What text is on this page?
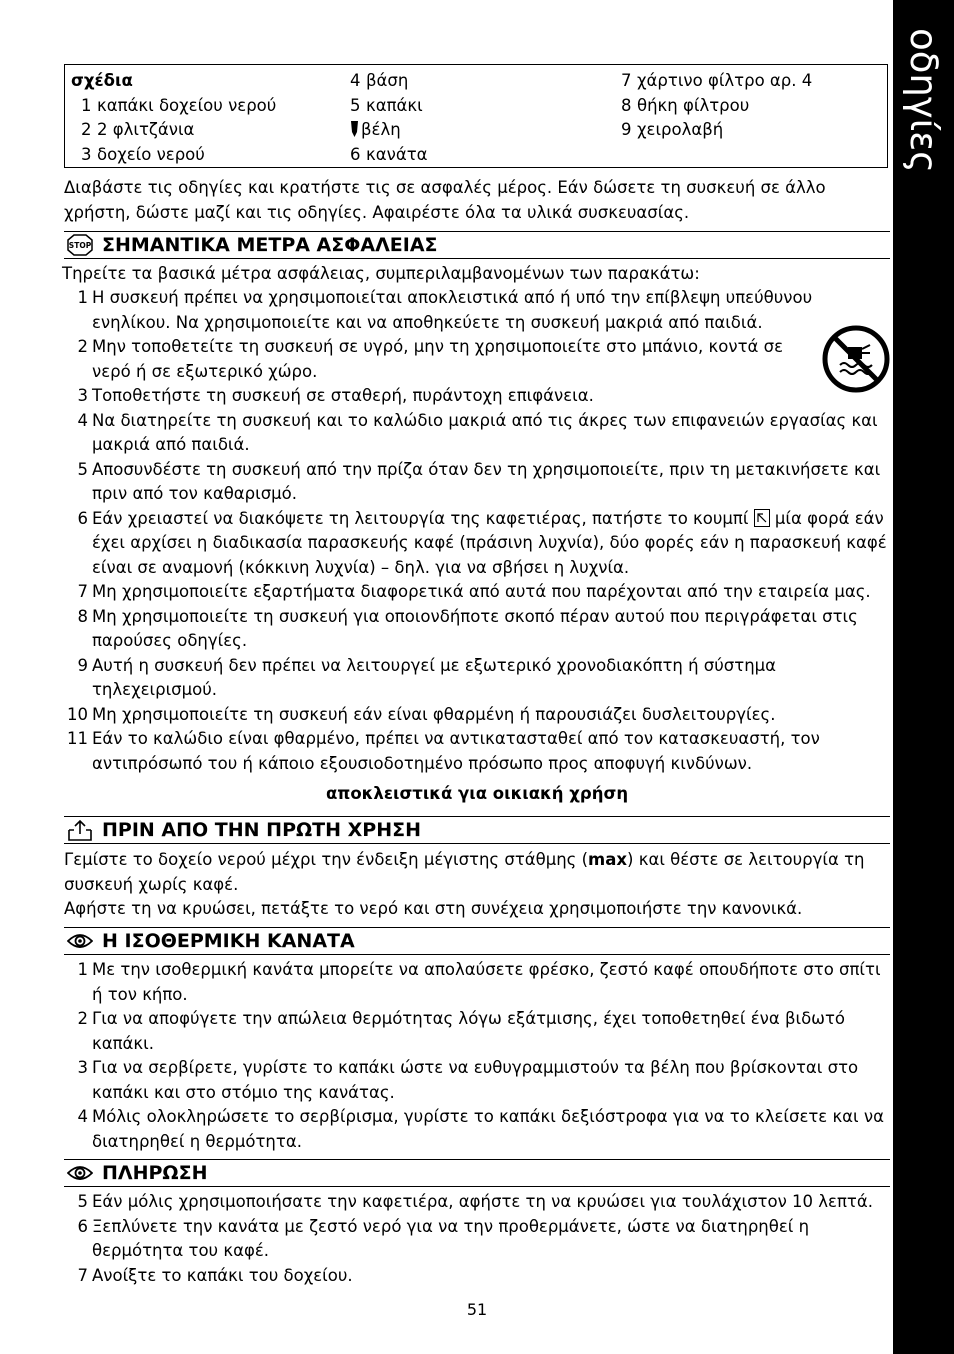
οδηγίες
σχέδια
1 καπάκι δοχείου νερού
2 2 φλιτζάνια
3 δοχείο νερού
4 βάση
5 καπάκι
βέλη
6 κανάτα
7 χάρτινο φίλτρο αρ. 4
8 θήκη φίλτρου
9 χειρολαβή

Διαβάστε τις οδηγίες και κρατήστε τις σε ασφαλές μέρος. Εάν δώσετε τη συσκευή σε άλλο χρήστη, δώστε μαζί και τις οδηγίες. Αφαιρέστε όλα τα υλικά συσκευασίας.

STOP ΣΗΜΑΝΤΙΚΑ ΜΕΤΡΑ ΑΣΦΑΛΕΙΑΣ

Τηρείτε τα βασικά μέτρα ασφάλειας, συμπεριλαμβανομένων των παρακάτω:

1 Η συσκευή πρέπει να χρησιμοποιείται αποκλειστικά από ή υπό την επίβλεψη υπεύθυνου ενηλίκου. Να χρησιμοποιείτε και να αποθηκεύετε τη συσκευή μακριά από παιδιά.
2 Μην τοποθετείτε τη συσκευή σε υγρό, μην τη χρησιμοποιείτε στο μπάνιο, κοντά σε νερό ή σε εξωτερικό χώρο.
3 Τοποθετήστε τη συσκευή σε σταθερή, πυράντοχη επιφάνεια.
4 Να διατηρείτε τη συσκευή και το καλώδιο μακριά από τις άκρες των επιφανειών εργασίας και μακριά από παιδιά.
5 Αποσυνδέστε τη συσκευή από την πρίζα όταν δεν τη χρησιμοποιείτε, πριν τη μετακινήσετε και πριν από τον καθαρισμό.
6 Εάν χρειαστεί να διακόψετε τη λειτουργία της καφετιέρας, πατήστε το κουμπί μία φορά εάν έχει αρχίσει η διαδικασία παρασκευής καφέ (πράσινη λυχνία), δύο φορές εάν η παρασκευή καφέ είναι σε αναμονή (κόκκινη λυχνία) – δηλ. για να σβήσει η λυχνία.
7 Μη χρησιμοποιείτε εξαρτήματα διαφορετικά από αυτά που παρέχονται από την εταιρεία μας.
8 Μη χρησιμοποιείτε τη συσκευή για οποιονδήποτε σκοπό πέραν αυτού που περιγράφεται στις παρούσες οδηγίες.
9 Αυτή η συσκευή δεν πρέπει να λειτουργεί με εξωτερικό χρονοδιακόπτη ή σύστημα τηλεχειρισμού.
10 Μη χρησιμοποιείτε τη συσκευή εάν είναι φθαρμένη ή παρουσιάζει δυσλειτουργίες.
11 Εάν το καλώδιο είναι φθαρμένο, πρέπει να αντικατασταθεί από τον κατασκευαστή, τον αντιπρόσωπό του ή κάποιο εξουσιοδοτημένο πρόσωπο προς αποφυγή κινδύνων.
αποκλειστικά για οικιακή χρήση
ΠΡΙΝ ΑΠΟ ΤΗΝ ΠΡΩΤΗ ΧΡΗΣΗ

Γεμίστε το δοχείο νερού μέχρι την ένδειξη μέγιστης στάθμης (max) και θέστε σε λειτουργία τη συσκευή χωρίς καφέ.

Αφήστε τη να κρυώσει, πετάξτε το νερό και στη συνέχεια χρησιμοποιήστε την κανονικά.

Η ΙΣΟΘΕΡΜΙΚΗ ΚΑΝΑΤΑ
1 Με την ισοθερμική κανάτα μπορείτε να απολαύσετε φρέσκο, ζεστό καφέ οπουδήποτε στο σπίτι ή τον κήπο.
2 Για να αποφύγετε την απώλεια θερμότητας λόγω εξάτμισης, έχει τοποθετηθεί ένα βιδωτό καπάκι.
3 Για να σερβίρετε, γυρίστε το καπάκι ώστε να ευθυγραμμιστούν τα βέλη που βρίσκονται στο καπάκι και στο στόμιο της κανάτας.
4 Μόλις ολοκληρώσετε το σερβίρισμα, γυρίστε το καπάκι δεξιόστροφα για να το κλείσετε και να διατηρηθεί η θερμότητα.
ΠΛΗΡΩΣΗ
5 Εάν μόλις χρησιμοποιήσατε την καφετιέρα, αφήστε τη να κρυώσει για τουλάχιστον 10 λεπτά.
6 Ξεπλύνετε την κανάτα με ζεστό νερό για να την προθερμάνετε, ώστε να διατηρηθεί η θερμότητα του καφέ.
7 Ανοίξτε το καπάκι του δοχείου.
51
